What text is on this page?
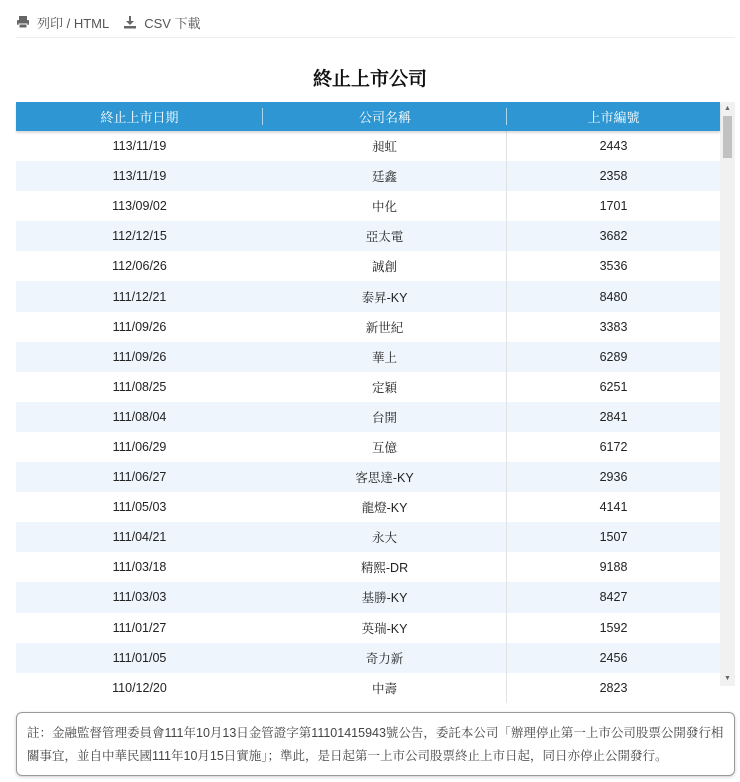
列印 / HTML	CSV 下載
終止上市公司
終止上市日期	公司名稱	上市編號
113/11/19	昶虹	2443
113/11/19	廷鑫	2358
113/09/02	中化	1701
112/12/15	亞太電	3682
112/06/26	誠創	3536
111/12/21	泰昇-KY	8480
111/09/26	新世紀	3383
111/09/26	華上	6289
111/08/25	定穎	6251
111/08/04	台開	2841
111/06/29	互億	6172
111/06/27	客思達-KY	2936
111/05/03	龍燈-KY	4141
111/04/21	永大	1507
111/03/18	精熙-DR	9188
111/03/03	基勝-KY	8427
111/01/27	英瑞-KY	1592
111/01/05	奇力新	2456
110/12/20	中壽	2823
▲
▼
註：金融監督管理委員會111年10月13日金管證字第11101415943號公告，委託本公司「辦理停止第一上市公司股票公開發行相關事宜，並自中華民國111年10月15日實施」；準此，是日起第一上市公司股票終止上市日起，同日亦停止公開發行。
